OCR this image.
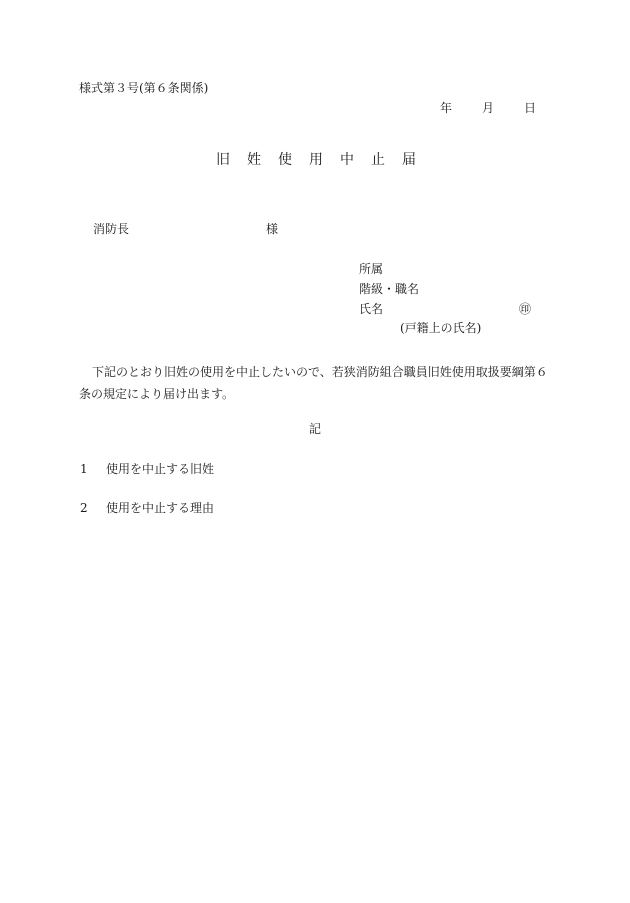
様式第３号(第６条関係)
年	月	日
旧 姓 使 用 中 止 届
消防長	様
所属
階級・職名
氏名	㊞
(戸籍上の氏名)
下記のとおり旧姓の使用を中止したいので、若狭消防組合職員旧姓使用取扱要綱第６条の規定により届け出ます。
記
1 使用を中止する旧姓
2 使用を中止する理由
